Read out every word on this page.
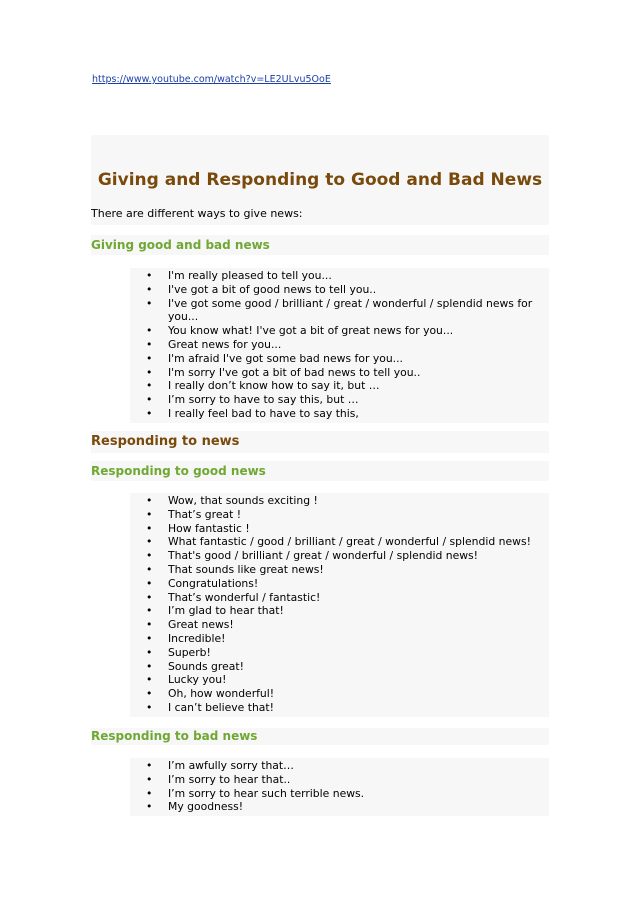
https://www.youtube.com/watch?v=LE2ULvu5OoE
Giving and Responding to Good and Bad News
There are different ways to give news:
Giving good and bad news
• I'm really pleased to tell you...
• I've got a bit of good news to tell you..
• I've got some good / brilliant / great / wonderful / splendid news for you...
• You know what! I've got a bit of great news for you...
• Great news for you...
• I'm afraid I've got some bad news for you...
• I'm sorry I've got a bit of bad news to tell you..
• I really don’t know how to say it, but …
• I’m sorry to have to say this, but …
• I really feel bad to have to say this,
Responding to news
Responding to good news
• Wow, that sounds exciting !
• That’s great !
• How fantastic !
• What fantastic / good / brilliant / great / wonderful / splendid news!
• That's good / brilliant / great / wonderful / splendid news!
• That sounds like great news!
• Congratulations!
• That’s wonderful / fantastic!
• I’m glad to hear that!
• Great news!
• Incredible!
• Superb!
• Sounds great!
• Lucky you!
• Oh, how wonderful!
• I can’t believe that!
Responding to bad news
• I’m awfully sorry that…
• I’m sorry to hear that..
• I’m sorry to hear such terrible news.
• My goodness!
